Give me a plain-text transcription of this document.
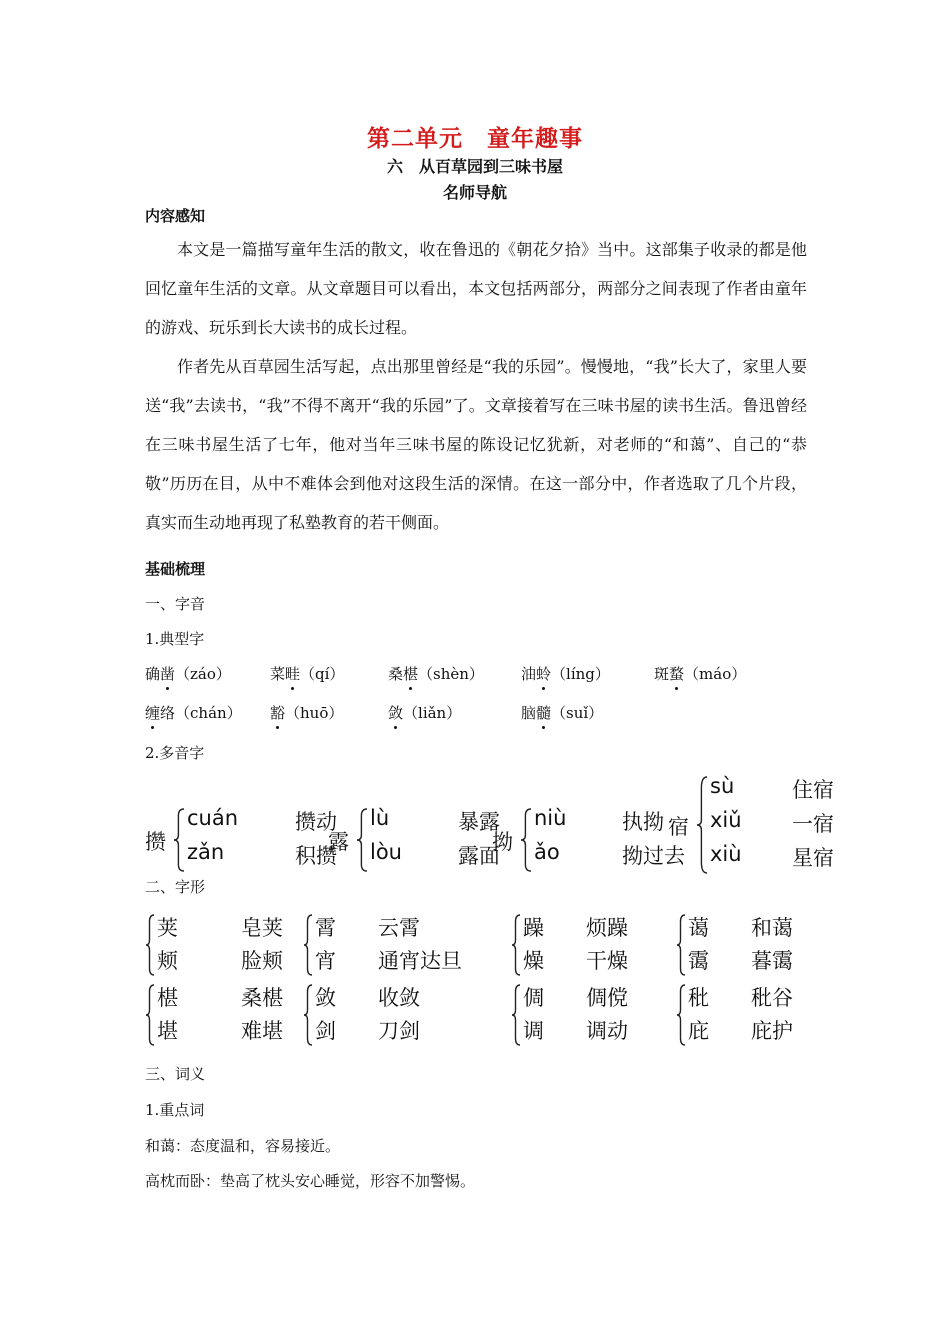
第二单元　童年趣事
六　从百草园到三味书屋
名师导航
内容感知

本文是一篇描写童年生活的散文，收在鲁迅的《朝花夕拾》当中。这部集子收录的都是他回忆童年生活的文章。从文章题目可以看出，本文包括两部分，两部分之间表现了作者由童年的游戏、玩乐到长大读书的成长过程。

作者先从百草园生活写起，点出那里曾经是“我的乐园”。慢慢地，“我”长大了，家里人要送“我”去读书，“我”不得不离开“我的乐园”了。文章接着写在三味书屋的读书生活。鲁迅曾经在三味书屋生活了七年，他对当年三味书屋的陈设记忆犹新，对老师的“和蔼”、自己的“恭敬”历历在目，从中不难体会到他对这段生活的深情。在这一部分中，作者选取了几个片段，真实而生动地再现了私塾教育的若干侧面。

基础梳理
一、字音
1.典型字
确凿（záo）	菜畦（qí）	桑椹（shèn） 油蛉（líng）	斑蝥（máo）
缠络（chán） 豁（huō）	敛（liǎn）	脑髓（suǐ）
2.多音字
攒
cuán	攒动
zǎn	积攒
露
lù	暴露
lòu	露面
拗
niù	执拗
ǎo	拗过去
宿
sù	住宿
xiǔ 一宿
xiù 星宿
二、字形
荚	皂荚
颊	脸颊
霄 云霄
宵 通宵达旦
躁 烦躁
燥 干燥
蔼 和蔼
霭 暮霭
椹	桑椹
堪	难堪
敛 收敛
剑 刀剑
倜 倜傥
调 调动
秕 秕谷
庇 庇护
三、词义
1.重点词
和蔼：态度温和，容易接近。
高枕而卧：垫高了枕头安心睡觉，形容不加警惕。
